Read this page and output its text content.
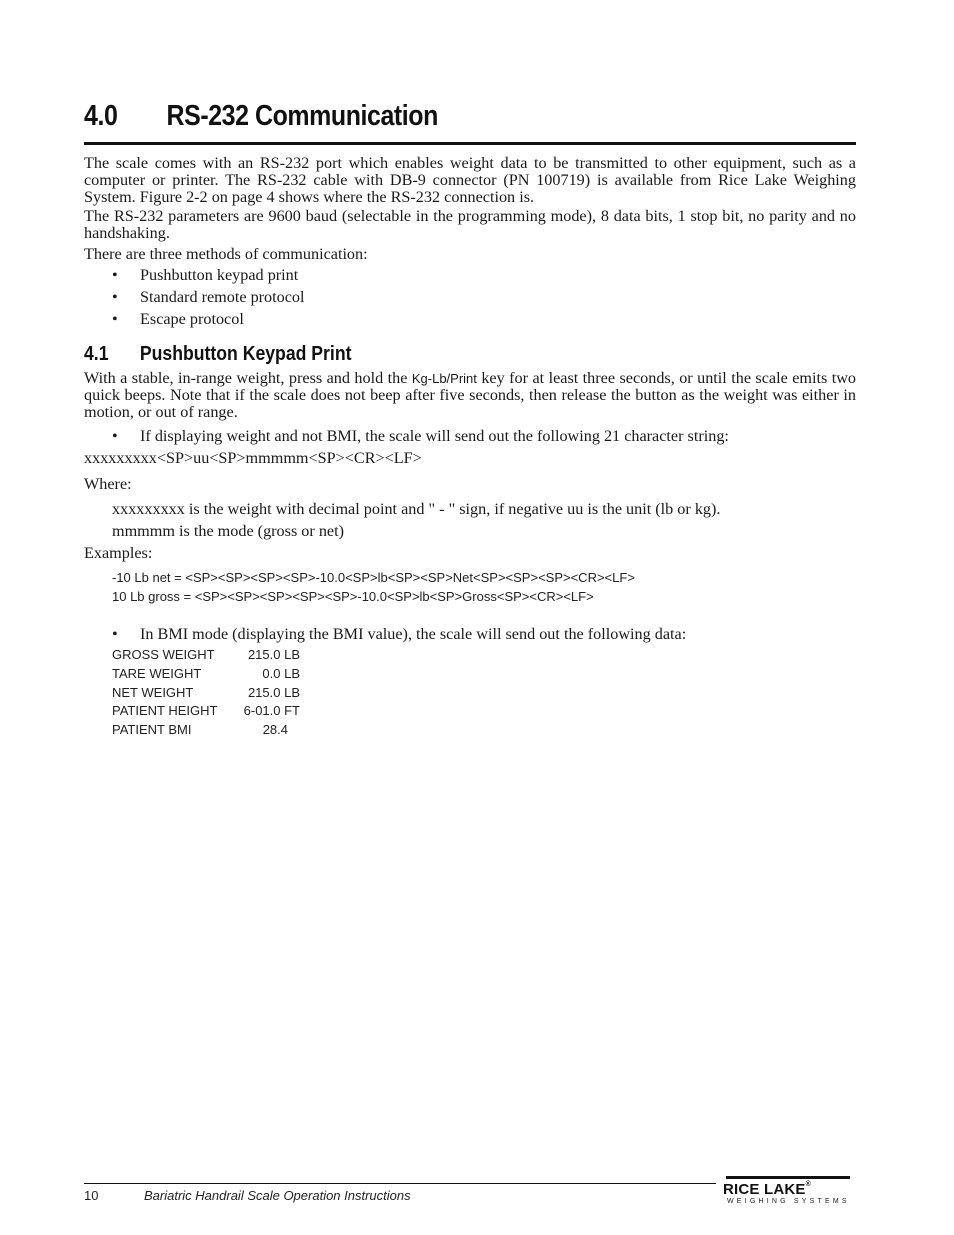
4.0 RS-232 Communication
The scale comes with an RS-232 port which enables weight data to be transmitted to other equipment, such as a computer or printer. The RS-232 cable with DB-9 connector (PN 100719) is available from Rice Lake Weighing System. Figure 2-2 on page 4 shows where the RS-232 connection is.
The RS-232 parameters are 9600 baud (selectable in the programming mode), 8 data bits, 1 stop bit, no parity and no handshaking.
There are three methods of communication:
• Pushbutton keypad print
• Standard remote protocol
• Escape protocol
4.1 Pushbutton Keypad Print
With a stable, in-range weight, press and hold the Kg-Lb/Print key for at least three seconds, or until the scale emits two quick beeps. Note that if the scale does not beep after five seconds, then release the button as the weight was either in motion, or out of range.
• If displaying weight and not BMI, the scale will send out the following 21 character string:
xxxxxxxxx<SP>uu<SP>mmmmm<SP><CR><LF>
Where:
xxxxxxxxx is the weight with decimal point and " - " sign, if negative uu is the unit (lb or kg).
mmmmm is the mode (gross or net)
Examples:
-10 Lb net = <SP><SP><SP><SP>-10.0<SP>lb<SP><SP>Net<SP><SP><SP><CR><LF>
10 Lb gross = <SP><SP><SP><SP><SP>-10.0<SP>lb<SP>Gross<SP><CR><LF>
• In BMI mode (displaying the BMI value), the scale will send out the following data:
GROSS WEIGHT	215.0 LB
TARE WEIGHT	0.0 LB
NET WEIGHT	215.0 LB
PATIENT HEIGHT	6-01.0 FT
PATIENT BMI	28.4
10	Bariatric Handrail Scale Operation Instructions	RICE LAKE®
WEIGHING SYSTEMS
